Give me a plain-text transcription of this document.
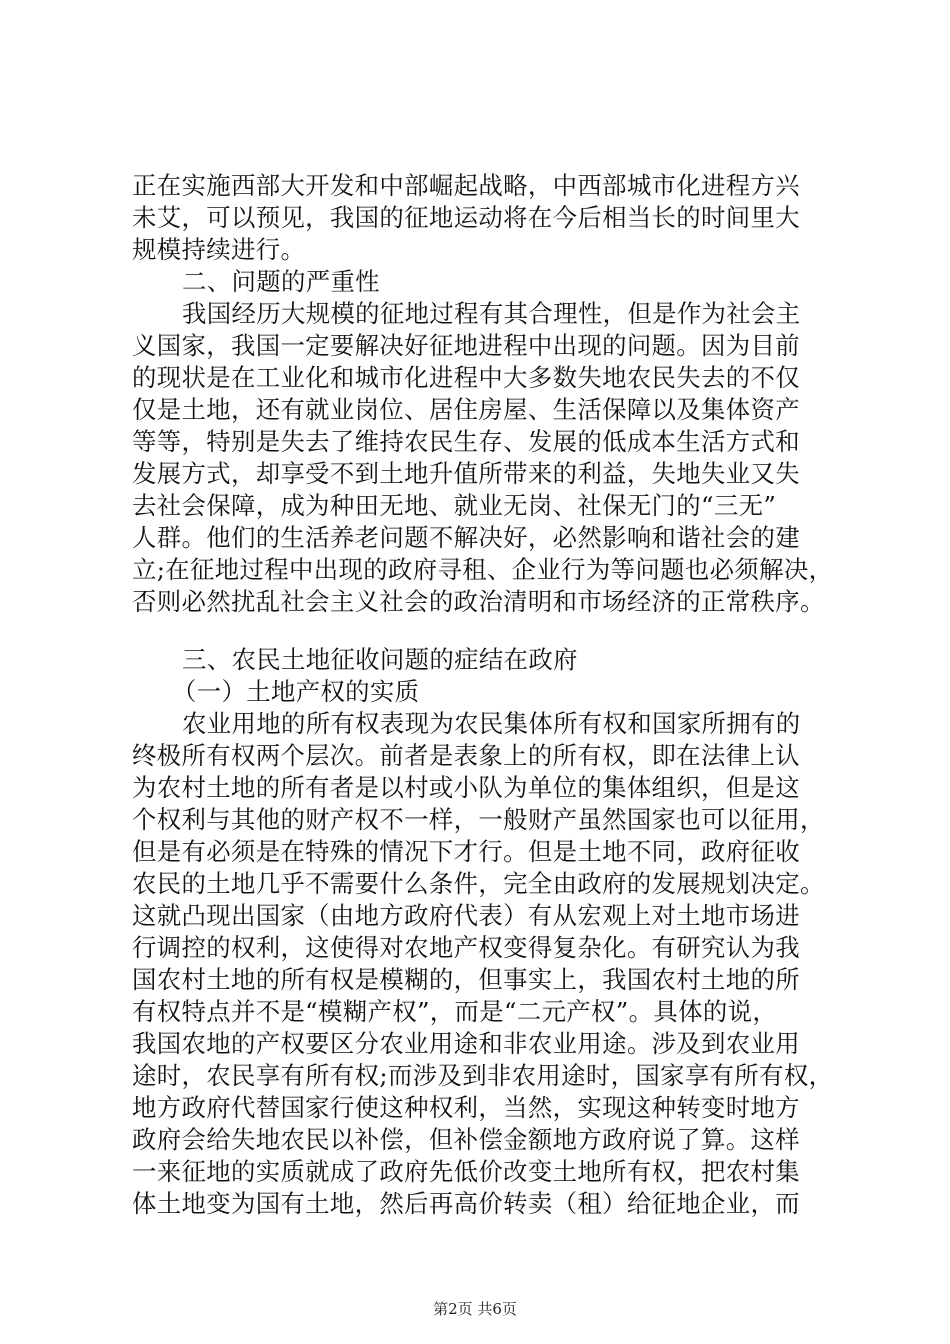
正在实施西部大开发和中部崛起战略，中西部城市化进程方兴
未艾，可以预见，我国的征地运动将在今后相当长的时间里大
规模持续进行。
二、问题的严重性
我国经历大规模的征地过程有其合理性，但是作为社会主
义国家，我国一定要解决好征地进程中出现的问题。因为目前
的现状是在工业化和城市化进程中大多数失地农民失去的不仅
仅是土地，还有就业岗位、居住房屋、生活保障以及集体资产
等等，特别是失去了维持农民生存、发展的低成本生活方式和
发展方式，却享受不到土地升值所带来的利益，失地失业又失
去社会保障，成为种田无地、就业无岗、社保无门的“三无”
人群。他们的生活养老问题不解决好，必然影响和谐社会的建
立;在征地过程中出现的政府寻租、企业行为等问题也必须解决，
否则必然扰乱社会主义社会的政治清明和市场经济的正常秩序。
三、农民土地征收问题的症结在政府
（一）土地产权的实质
农业用地的所有权表现为农民集体所有权和国家所拥有的
终极所有权两个层次。前者是表象上的所有权，即在法律上认
为农村土地的所有者是以村或小队为单位的集体组织，但是这
个权利与其他的财产权不一样，一般财产虽然国家也可以征用，
但是有必须是在特殊的情况下才行。但是土地不同，政府征收
农民的土地几乎不需要什么条件，完全由政府的发展规划决定。
这就凸现出国家（由地方政府代表）有从宏观上对土地市场进
行调控的权利，这使得对农地产权变得复杂化。有研究认为我
国农村土地的所有权是模糊的，但事实上，我国农村土地的所
有权特点并不是“模糊产权”，而是“二元产权”。具体的说，
我国农地的产权要区分农业用途和非农业用途。涉及到农业用
途时，农民享有所有权;而涉及到非农用途时，国家享有所有权，
地方政府代替国家行使这种权利，当然，实现这种转变时地方
政府会给失地农民以补偿，但补偿金额地方政府说了算。这样
一来征地的实质就成了政府先低价改变土地所有权，把农村集
体土地变为国有土地，然后再高价转卖（租）给征地企业，而
第2页 共6页
